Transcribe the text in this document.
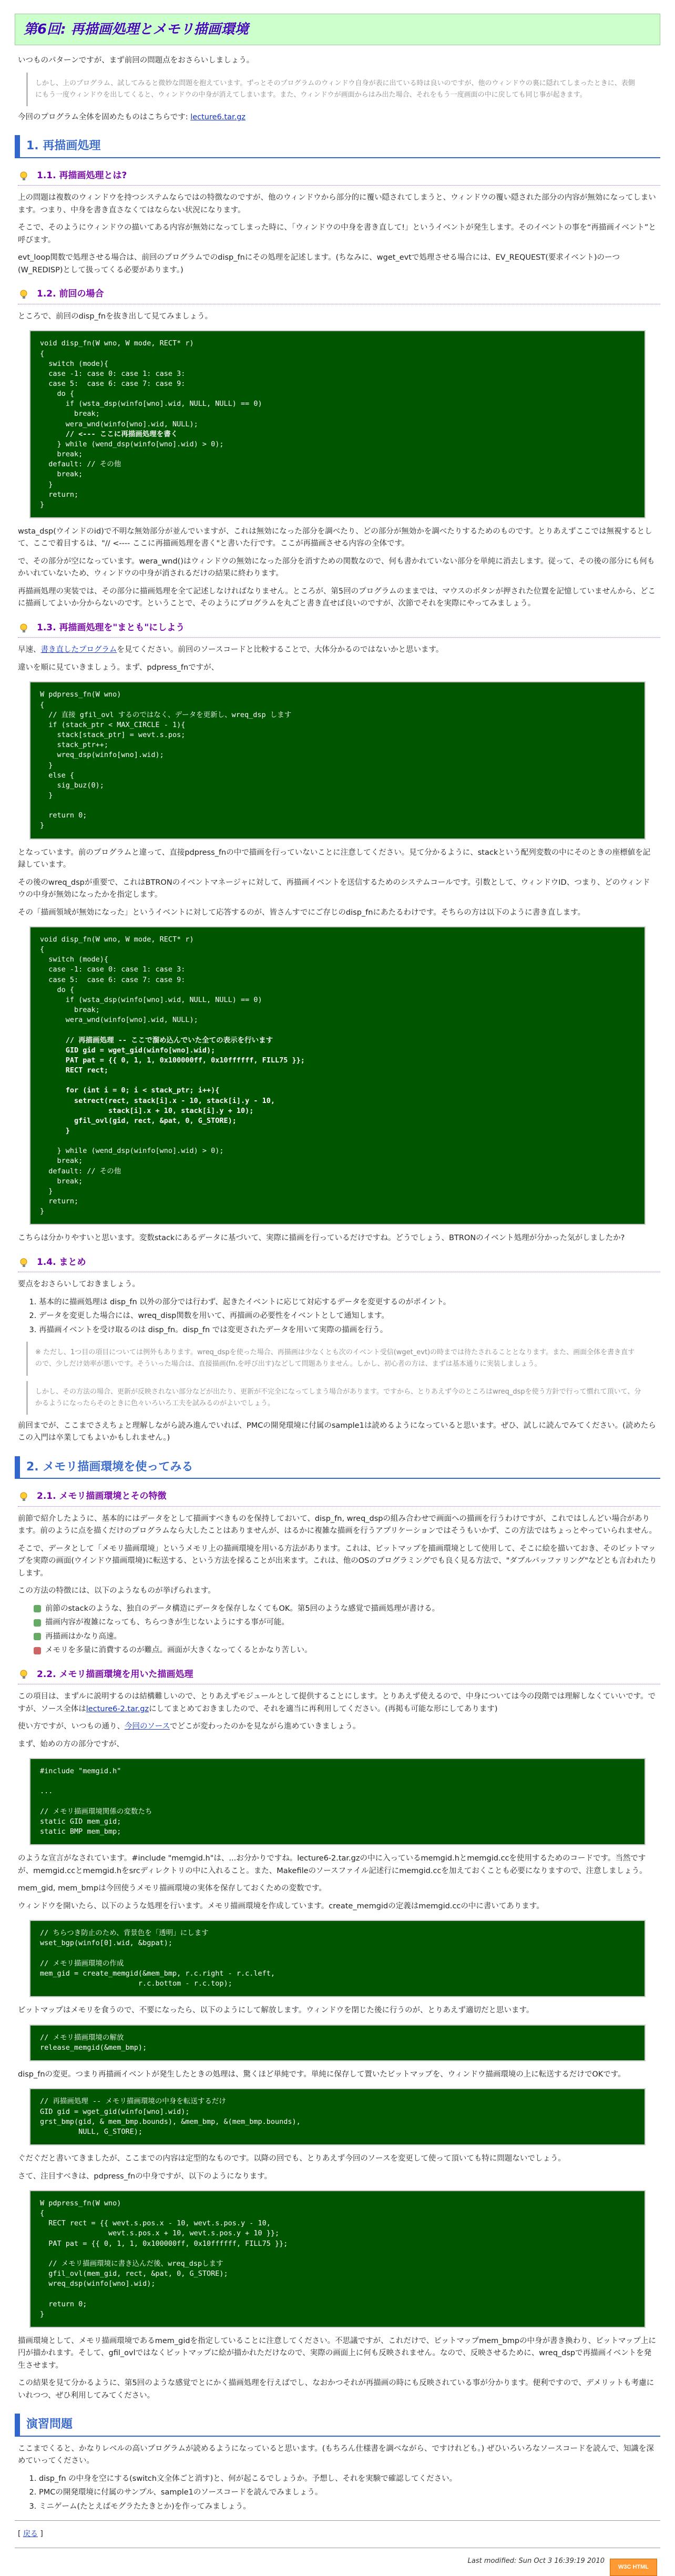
第6回: 再描画処理とメモリ描画環境

いつものパターンですが、まず前回の問題点をおさらいしましょう。

しかし、上のプログラム、試してみると微妙な問題を抱えています。ずっとそのプログラムのウィンドウ自身が表に出ている時は良いのですが、他のウィンドウの裏に隠れてしまったときに、表側にもう一度ウィンドウを出してくると、ウィンドウの中身が消えてしまいます。また、ウィンドウが画面からはみ出た場合、それをもう一度画面の中に戻しても同じ事が起きます。

今回のプログラム全体を固めたものはこちらです: lecture6.tar.gz

1. 再描画処理
1.1. 再描画処理とは?

上の問題は複数のウィンドウを持つシステムならではの特徴なのですが、他のウィンドウから部分的に覆い隠されてしまうと、ウィンドウの覆い隠された部分の内容が無効になってしまいます。つまり、中身を書き直さなくてはならない状況になります。

そこで、そのようにウィンドウの描いてある内容が無効になってしまった時に、「ウィンドウの中身を書き直して!」というイベントが発生します。そのイベントの事を“再描画イベント”と呼びます。

evt_loop関数で処理させる場合は、前回のプログラムでのdisp_fnにその処理を記述します。(ちなみに、wget_evtで処理させる場合には、EV_REQUEST(要求イベント)のーつ(W_REDISP)として扱ってくる必要があります。)

1.2. 前回の場合

ところで、前回のdisp_fnを抜き出して見てみましょう。

void disp_fn(W wno, W mode, RECT* r)
{
switch (mode){
case -1: case 0: case 1: case 3:
case 5:  case 6: case 7: case 9:
do {
if (wsta_dsp(winfo[wno].wid, NULL, NULL) == 0)
break;
wera_wnd(winfo[wno].wid, NULL);
// <--- ここに再描画処理を書く
} while (wend_dsp(winfo[wno].wid) > 0);
break;
default: // その他
break;
}
return;
}

wsta_dsp(ウインドのid)で不明な無効部分が並んでいますが、これは無効になった部分を調べたり、どの部分が無効かを調べたりするためのものです。とりあえずここでは無視するとして、ここで着目するは、"// <---- ここに再描画処理を書く"と書いた行です。ここが再描画させる内容の全体です。

で、その部分が空になっています。wera_wnd()はウィンドウの無効になった部分を消すための関数なので、何も書かれていない部分を単純に消去します。従って、その後の部分にも何もかいれていないため、ウィンドウの中身が消されるだけの結果に終わります。

再描画処理の実装では、その部分に描画処理を全て記述しなければなりません。ところが、第5回のプログラムのままでは、マウスのボタンが押された位置を記憶していませんから、どこに描画してよいか分からないのです。ということで、そのようにプログラムを丸ごと書き直せば良いのですが、次節でそれを実際にやってみましょう。

1.3. 再描画処理を"まとも"にしよう

早速、書き直したプログラムを見てください。前回のソースコードと比較することで、大体分かるのではないかと思います。

違いを順に見ていきましょう。まず、pdpress_fnですが、

W pdpress_fn(W wno)
{
// 直接 gfil_ovl するのではなく、データを更新し、wreq_dsp します
if (stack_ptr < MAX_CIRCLE - 1){
stack[stack_ptr] = wevt.s.pos;
stack_ptr++;
wreq_dsp(winfo[wno].wid);
}
else {
sig_buz(0);
}

return 0;
}

となっています。前のプログラムと違って、直接pdpress_fnの中で描画を行っていないことに注意してください。見て分かるように、stackという配列変数の中にそのときの座標値を記録しています。

その後のwreq_dspが重要で、これはBTRONのイベントマネージャに対して、再描画イベントを送信するためのシステムコールです。引数として、ウィンドウID、つまり、どのウィンドウの中身が無効になったかを指定します。

その「描画領域が無効になった」というイベントに対して応答するのが、皆さんすでにご存じのdisp_fnにあたるわけです。そちらの方は以下のように書き直します。

void disp_fn(W wno, W mode, RECT* r)
{
switch (mode){
case -1: case 0: case 1: case 3:
case 5:  case 6: case 7: case 9:
do {
if (wsta_dsp(winfo[wno].wid, NULL, NULL) == 0)
break;
wera_wnd(winfo[wno].wid, NULL);

// 再描画処理 -- ここで溜め込んでいた全ての表示を行います
GID gid = wget_gid(winfo[wno].wid);
PAT pat = {{ 0, 1, 1, 0x100000ff, 0x10ffffff, FILL75 }};
RECT rect;

for (int i = 0; i < stack_ptr; i++){
setrect(rect, stack[i].x - 10, stack[i].y - 10,
stack[i].x + 10, stack[i].y + 10);
gfil_ovl(gid, rect, &pat, 0, G_STORE);
}

} while (wend_dsp(winfo[wno].wid) > 0);
break;
default: // その他
break;
}
return;
}

こちらは分かりやすいと思います。変数stackにあるデータに基づいて、実際に描画を行っているだけですね。どうでしょう、BTRONのイベント処理が分かった気がしましたか?

1.4. まとめ

要点をおさらいしておきましょう。

1. 基本的に描画処理は disp_fn 以外の部分では行わず、起きたイベントに応じて対応するデータを変更するのがポイント。
2. データを変更した場合には、wreq_disp関数を用いて、再描画の必要性をイベントとして通知します。
3. 再描画イベントを受け取るのは disp_fn。disp_fn では変更されたデータを用いて実際の描画を行う。
※ ただし、1つ目の項目については例外もあります。wreq_dspを使った場合、再描画は少なくとも次のイベント受信(wget_evt)の時までは待たされることとなります。また、画面全体を書き直すので、少しだけ効率が悪いです。そういった場合は、直接描画(fn.を呼び出す)などして問題ありません。しかし、初心者の方は、まずは基本通りに実装しましょう。
しかし、その方法の場合、更新が反映されない部分などが出たり、更新が不完全になってしまう場合があります。ですから、とりあえず今のところはwreq_dspを使う方針で行って慣れて頂いて、分かるようになったらそのときに色々いろいろ工夫を試みるのがよいでしょう。

前回までが、ここまでさえちょと理解しながら読み進んでいれば、PMCの開発環境に付属のsample1は読めるようになっていると思います。ぜひ、試しに読んでみてください。(読めたらこの入門は卒業してもよいかもしれません。)

2. メモリ描画環境を使ってみる
2.1. メモリ描画環境とその特徴

前節で紹介したように、基本的にはデータをとして描画すべきものを保持しておいて、disp_fn, wreq_dspの組み合わせで画面への描画を行うわけですが、これではしんどい場合があります。前のように点を描くだけのプログラムなら大したことはありませんが、はるかに複雑な描画を行うアプリケーションではそうもいかず、この方法ではちょっとやっていられません。

そこで、データとして「メモリ描画環境」というメモリ上の描画環境を用いる方法があります。これは、ビットマップを描画環境として使用して、そこに絵を描いておき、そのビットマップを実際の画面(ウインドウ描画環境)に転送する、という方法を採ることが出来ます。これは、他のOSのプログラミングでも良く見る方法で、"ダブルバッファリング"などとも言われたりします。

この方法の特徴には、以下のようなものが挙げられます。

前節のstackのような、独自のデータ構造にデータを保存しなくてもOK。第5回のような感覚で描画処理が書ける。
描画内容が複雑になっても、ちらつきが生じないようにする事が可能。
再描画はかなり高速。
メモリを多量に消費するのが難点。画面が大きくなってくるとかなり苦しい。
2.2. メモリ描画環境を用いた描画処理

この項目は、まずルに説明するのは結構難しいので、とりあえずモジュールとして提供することにします。とりあえず使えるので、中身については今の段階では理解しなくていいです。ですが、ソース全体はlecture6-2.tar.gzにしてまとめておきましたので、それを適当に再利用してください。(再掲も可能な形にしてあります)

使い方ですが、いつもの通り、今回のソースでどこが変わったのかを見ながら進めていきましょう。

まず、始めの方の部分ですが、

#include "memgid.h"

...

// メモリ描画環境関係の変数たち
static GID mem_gid;
static BMP mem_bmp;

のような宣言がなされています。#include "memgid.h"は、...お分かりですね。lecture6-2.tar.gzの中に入っているmemgid.hとmemgid.ccを使用するためのコードです。当然ですが、memgid.ccとmemgid.hをsrcディレクトリの中に入れること。また、Makefileのソースファイル記述行にmemgid.ccを加えておくことも必要になりますので、注意しましょう。

mem_gid, mem_bmpは今回使うメモリ描画環境の実体を保存しておくための変数です。

ウィンドウを開いたら、以下のような処理を行います。メモリ描画環境を作成しています。create_memgidの定義はmemgid.ccの中に書いてあります。

// ちらつき防止のため、背景色を「透明」にします
wset_bgp(winfo[0].wid, &bgpat);

// メモリ描画環境の作成
mem_gid = create_memgid(&mem_bmp, r.c.right - r.c.left,
r.c.bottom - r.c.top);

ビットマップはメモリを食うので、不要になったら、以下のようにして解放します。ウィンドウを閉じた後に行うのが、とりあえず適切だと思います。

// メモリ描画環境の解放
release_memgid(&mem_bmp);

disp_fnの変更。つまり再描画イベントが発生したときの処理は、驚くほど単純です。単純に保存して置いたビットマップを、ウィンドウ描画環境の上に転送するだけでOKです。

// 再描画処理 -- メモリ描画環境の中身を転送するだけ
GID gid = wget_gid(winfo[wno].wid);
grst_bmp(gid, & mem_bmp.bounds), &mem_bmp, &(mem_bmp.bounds),
NULL, G_STORE);

ぐだぐだと書いてきましたが、ここまでの内容は定型的なものです。以降の回でも、とりあえず今回のソースを変更して使って頂いても特に問題ないでしょう。

さて、注目すべきは、pdpress_fnの中身ですが、以下のようになります。

W pdpress_fn(W wno)
{
RECT rect = {{ wevt.s.pos.x - 10, wevt.s.pos.y - 10,
wevt.s.pos.x + 10, wevt.s.pos.y + 10 }};
PAT pat = {{ 0, 1, 1, 0x100000ff, 0x10ffffff, FILL75 }};

// メモリ描画環境に書き込んだ後、wreq_dspします
gfil_ovl(mem_gid, rect, &pat, 0, G_STORE);
wreq_dsp(winfo[wno].wid);

return 0;
}

描画環境として、メモリ描画環境であるmem_gidを指定していることに注意してください。不思議ですが、これだけで、ビットマップmem_bmpの中身が書き換わり、ビットマップ上に円が描かれます。そして、gfil_ovlではなくビットマップに絵が描かれただけなので、実際の画面上に何も反映されません。なので、反映させるために、wreq_dspで再描画イベントを発生させます。

この結果を見て分かるように、第5回のような感覚でとにかく描画処理を行えばでし、なおかつそれが再描画の時にも反映されている事が分かります。便利ですので、デメリットも考慮にいれつつ、ぜひ利用してみてください。

演習問題

ここまでくると、かなりレベルの高いプログラムが読めるようになっていると思います。(もちろん仕様書を調べながら、ですけれども。) ぜひいろいろなソースコードを読んで、知識を深めていってください。

1. disp_fn の中身を空にする(switch文全体ごと消す)と、何が起こるでしょうか。予想し、それを実験で確認してください。
2. PMCの開発環境に付属のサンプル、sample1のソースコードを読んでみましょう。
3. ミニゲーム(たとえばモグラたたきとか)を作ってみましょう。
[ 戻る ]
W3C HTML
Last modified: Sun Oct 3 16:39:19 2010
